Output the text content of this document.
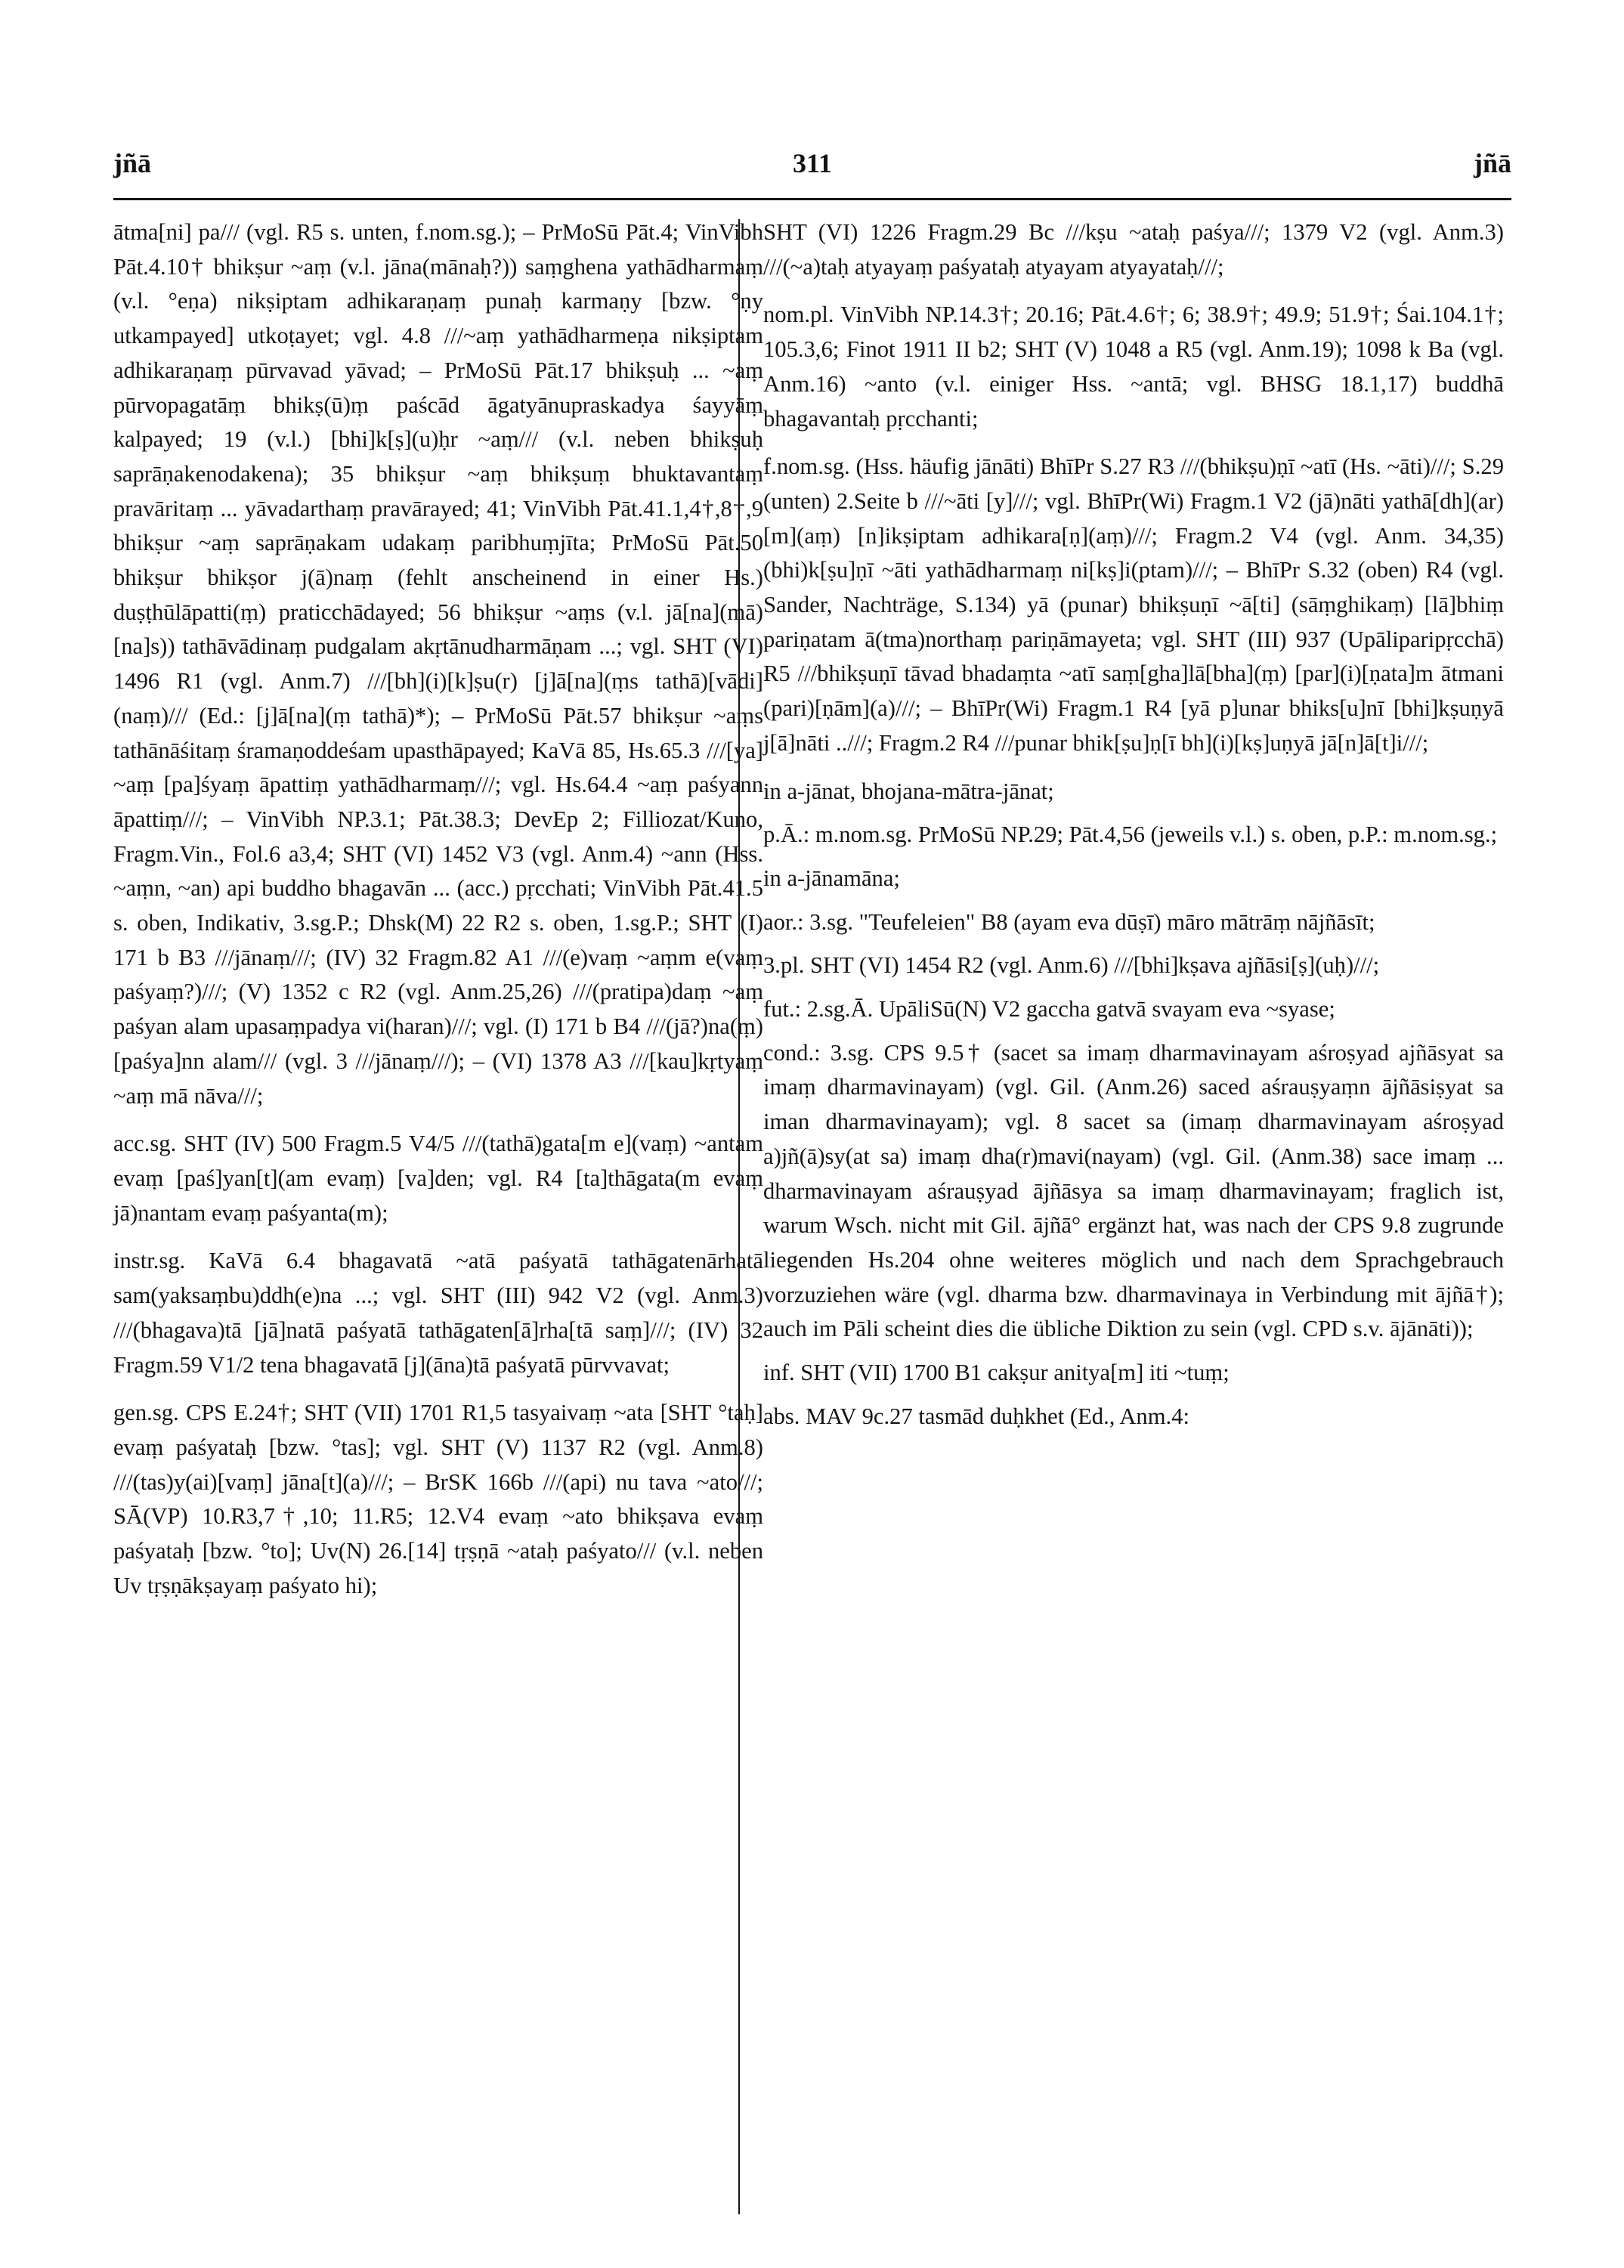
jñā	311	jñā

ātma[ni] pa/// (vgl. R5 s. unten, f.nom.sg.); – PrMoSū Pāt.4; VinVibh Pāt.4.10† bhikṣur ~aṃ (v.l. jāna(mānaḥ?)) saṃghena yathādharmaṃ (v.l. °eṇa) nikṣiptam adhikaraṇaṃ punaḥ karmaṇy [bzw. °ṇy utkampayed] utkoṭayet; vgl. 4.8 ///~aṃ yathādharmeṇa nikṣiptam adhikaraṇaṃ pūrvavad yāvad; – PrMoSū Pāt.17 bhikṣuḥ ... ~aṃ pūrvopagatāṃ bhikṣ(ū)ṃ paścād āgatyānupraskadya śayyāṃ kalpayed; 19 (v.l.) [bhi]k[ṣ](u)ḥr ~aṃ/// (v.l. neben bhikṣuḥ saprāṇakenodakena); 35 bhikṣur ~aṃ bhikṣuṃ bhuktavantaṃ pravāritaṃ ... yāvadarthaṃ pravārayed; 41; VinVibh Pāt.41.1,4†,8†,9 bhikṣur ~aṃ saprāṇakam udakaṃ paribhuṃjīta; PrMoSū Pāt.50 bhikṣur bhikṣor j(ā)naṃ (fehlt anscheinend in einer Hs.) duṣṭhūlāpatti(ṃ) praticchādayed; 56 bhikṣur ~aṃs (v.l. jā[na](mā)[na]s)) tathāvādinaṃ pudgalam akṛtānudharmāṇam ...; vgl. SHT (VI) 1496 R1 (vgl. Anm.7) ///[bh](i)[k]ṣu(r) [j]ā[na](ṃs tathā)[vādi](naṃ)/// (Ed.: [j]ā[na](ṃ tathā)*); – PrMoSū Pāt.57 bhikṣur ~aṃs tathānāśitaṃ śramaṇoddeśam upasthāpayed; KaVā 85, Hs.65.3 ///[ya] ~aṃ [pa]śyaṃ āpattiṃ yathādharmaṃ///; vgl. Hs.64.4 ~aṃ paśyann āpattiṃ///; – VinVibh NP.3.1; Pāt.38.3; DevEp 2; Filliozat/Kuno, Fragm.Vin., Fol.6 a3,4; SHT (VI) 1452 V3 (vgl. Anm.4) ~ann (Hss. ~aṃn, ~an) api buddho bhagavān ... (acc.) pṛcchati; VinVibh Pāt.41.5 s. oben, Indikativ, 3.sg.P.; Dhsk(M) 22 R2 s. oben, 1.sg.P.; SHT (I) 171 b B3 ///jānaṃ///; (IV) 32 Fragm.82 A1 ///(e)vaṃ ~aṃm e(vaṃ paśyaṃ?)///; (V) 1352 c R2 (vgl. Anm.25,26) ///(pratipa)daṃ ~aṃ paśyan alam upasaṃpadya vi(haran)///; vgl. (I) 171 b B4 ///(jā?)na(ṃ) [paśya]nn alam/// (vgl. 3 ///jānaṃ///); – (VI) 1378 A3 ///[kau]kṛtyaṃ ~aṃ mā nāva///;

acc.sg. SHT (IV) 500 Fragm.5 V4/5 ///(tathā)gata[m e](vaṃ) ~antam evaṃ [paś]yan[t](am evaṃ) [va]den; vgl. R4 [ta]thāgata(m evaṃ jā)nantam evaṃ paśyanta(m);

instr.sg. KaVā 6.4 bhagavatā ~atā paśyatā tathāgatenārhatā sam(yaksaṃbu)ddh(e)na ...; vgl. SHT (III) 942 V2 (vgl. Anm.3) ///(bhagava)tā [jā]natā paśyatā tathāgaten[ā]rha[tā saṃ]///; (IV) 32 Fragm.59 V1/2 tena bhagavatā [j](āna)tā paśyatā pūrvvavat;

gen.sg. CPS E.24†; SHT (VII) 1701 R1,5 tasyaivaṃ ~ata [SHT °taḥ] evaṃ paśyataḥ [bzw. °tas]; vgl. SHT (V) 1137 R2 (vgl. Anm.8) ///(tas)y(ai)[vaṃ] jāna[t](a)///; – BrSK 166b ///(api) nu tava ~ato///; SĀ(VP) 10.R3,7†,10; 11.R5; 12.V4 evaṃ ~ato bhikṣava evaṃ paśyataḥ [bzw. °to]; Uv(N) 26.[14] tṛṣṇā ~ataḥ paśyato/// (v.l. neben Uv tṛṣṇākṣayaṃ paśyato hi);

SHT (VI) 1226 Fragm.29 Bc ///kṣu ~ataḥ paśya///; 1379 V2 (vgl. Anm.3) ///(~a)taḥ atyayaṃ paśyataḥ atyayam atyayataḥ///;

nom.pl. VinVibh NP.14.3†; 20.16; Pāt.4.6†; 6; 38.9†; 49.9; 51.9†; Śai.104.1†; 105.3,6; Finot 1911 II b2; SHT (V) 1048 a R5 (vgl. Anm.19); 1098 k Ba (vgl. Anm.16) ~anto (v.l. einiger Hss. ~antā; vgl. BHSG 18.1,17) buddhā bhagavantaḥ pṛcchanti;

f.nom.sg. (Hss. häufig jānāti) BhīPr S.27 R3 ///(bhikṣu)ṇī ~atī (Hs. ~āti)///; S.29 (unten) 2.Seite b ///~āti [y]///; vgl. BhīPr(Wi) Fragm.1 V2 (jā)nāti yathā[dh](ar)[m](aṃ) [n]ikṣiptam adhikara[ṇ](aṃ)///; Fragm.2 V4 (vgl. Anm. 34,35) (bhi)k[ṣu]ṇī ~āti yathādharmaṃ ni[kṣ]i(ptam)///; – BhīPr S.32 (oben) R4 (vgl. Sander, Nachträge, S.134) yā (punar) bhikṣuṇī ~ā[ti] (sāṃghikaṃ) [lā]bhiṃ pariṇatam ā(tma)northaṃ pariṇāmayeta; vgl. SHT (III) 937 (Upāliparipṛcchā) R5 ///bhikṣuṇī tāvad bhadaṃta ~atī saṃ[gha]lā[bha](ṃ) [par](i)[ṇata]m ātmani (pari)[ṇām](a)///; – BhīPr(Wi) Fragm.1 R4 [yā p]unar bhiks[u]nī [bhi]kṣuṇyā j[ā]nāti ..///; Fragm.2 R4 ///punar bhik[ṣu]ṇ[ī bh](i)[kṣ]uṇyā jā[n]ā[t]i///;

in a-jānat, bhojana-mātra-jānat;

p.Ā.: m.nom.sg. PrMoSū NP.29; Pāt.4,56 (jeweils v.l.) s. oben, p.P.: m.nom.sg.;

in a-jānamāna;

aor.: 3.sg. "Teufeleien" B8 (ayam eva dūṣī) māro mātrāṃ nājñāsīt;

3.pl. SHT (VI) 1454 R2 (vgl. Anm.6) ///[bhi]kṣava ajñāsi[ṣ](uḥ)///;

fut.: 2.sg.Ā. UpāliSū(N) V2 gaccha gatvā svayam eva ~syase;

cond.: 3.sg. CPS 9.5† (sacet sa imaṃ dharmavinayam aśroṣyad ajñāsyat sa imaṃ dharmavinayam) (vgl. Gil. (Anm.26) saced aśrauṣyaṃn ājñāsiṣyat sa iman dharmavinayam); vgl. 8 sacet sa (imaṃ dharmavinayam aśroṣyad a)jñ(ā)sy(at sa) imaṃ dha(r)mavi(nayam) (vgl. Gil. (Anm.38) sace imaṃ ... dharmavinayam aśrauṣyad ājñāsya sa imaṃ dharmavinayam; fraglich ist, warum Wsch. nicht mit Gil. ājñā° ergänzt hat, was nach der CPS 9.8 zugrunde liegenden Hs.204 ohne weiteres möglich und nach dem Sprachgebrauch vorzuziehen wäre (vgl. dharma bzw. dharmavinaya in Verbindung mit ājñā†); auch im Pāli scheint dies die übliche Diktion zu sein (vgl. CPD s.v. ājānāti));

inf. SHT (VII) 1700 B1 cakṣur anitya[m] iti ~tuṃ;

abs. MAV 9c.27 tasmād duḥkhet (Ed., Anm.4:
